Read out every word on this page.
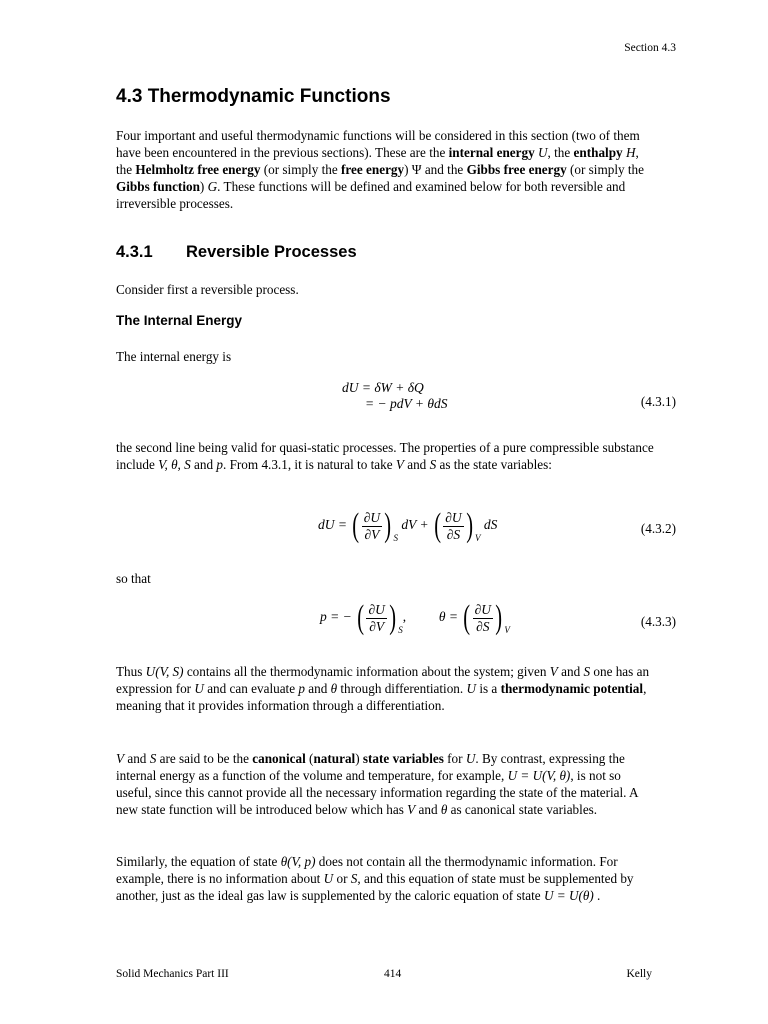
Section 4.3
4.3 Thermodynamic Functions

Four important and useful thermodynamic functions will be considered in this section (two of them have been encountered in the previous sections). These are the internal energy U, the enthalpy H, the Helmholtz free energy (or simply the free energy) Ψ and the Gibbs free energy (or simply the Gibbs function) G. These functions will be defined and examined below for both reversible and irreversible processes.

4.3.1 Reversible Processes

Consider first a reversible process.

The Internal Energy

The internal energy is

dU = δW + δQ
= − pdV + θdS	(4.3.1)

the second line being valid for quasi-static processes. The properties of a pure compressible substance include V, θ, S and p. From 4.3.1, it is natural to take V and S as the state variables:

dU = ( $\frac{\partial U}{\partial V}$ ) $_S$ dV + ( $\frac{\partial U}{\partial S}$ ) $_V$ dS	(4.3.2)

so that

p = − ( $\frac{\partial U}{\partial V}$ ) $_S$, θ = ( $\frac{\partial U}{\partial S}$ ) $_V$
(4.3.3)

Thus U(V, S) contains all the thermodynamic information about the system; given V and S one has an expression for U and can evaluate p and θ through differentiation. U is a thermodynamic potential, meaning that it provides information through a differentiation.

V and S are said to be the canonical (natural) state variables for U. By contrast, expressing the internal energy as a function of the volume and temperature, for example, U = U(V, θ), is not so useful, since this cannot provide all the necessary information regarding the state of the material. A new state function will be introduced below which has V and θ as canonical state variables.

Similarly, the equation of state θ(V, p) does not contain all the thermodynamic information. For example, there is no information about U or S, and this equation of state must be supplemented by another, just as the ideal gas law is supplemented by the caloric equation of state U = U(θ) .

Solid Mechanics Part III	414	Kelly
